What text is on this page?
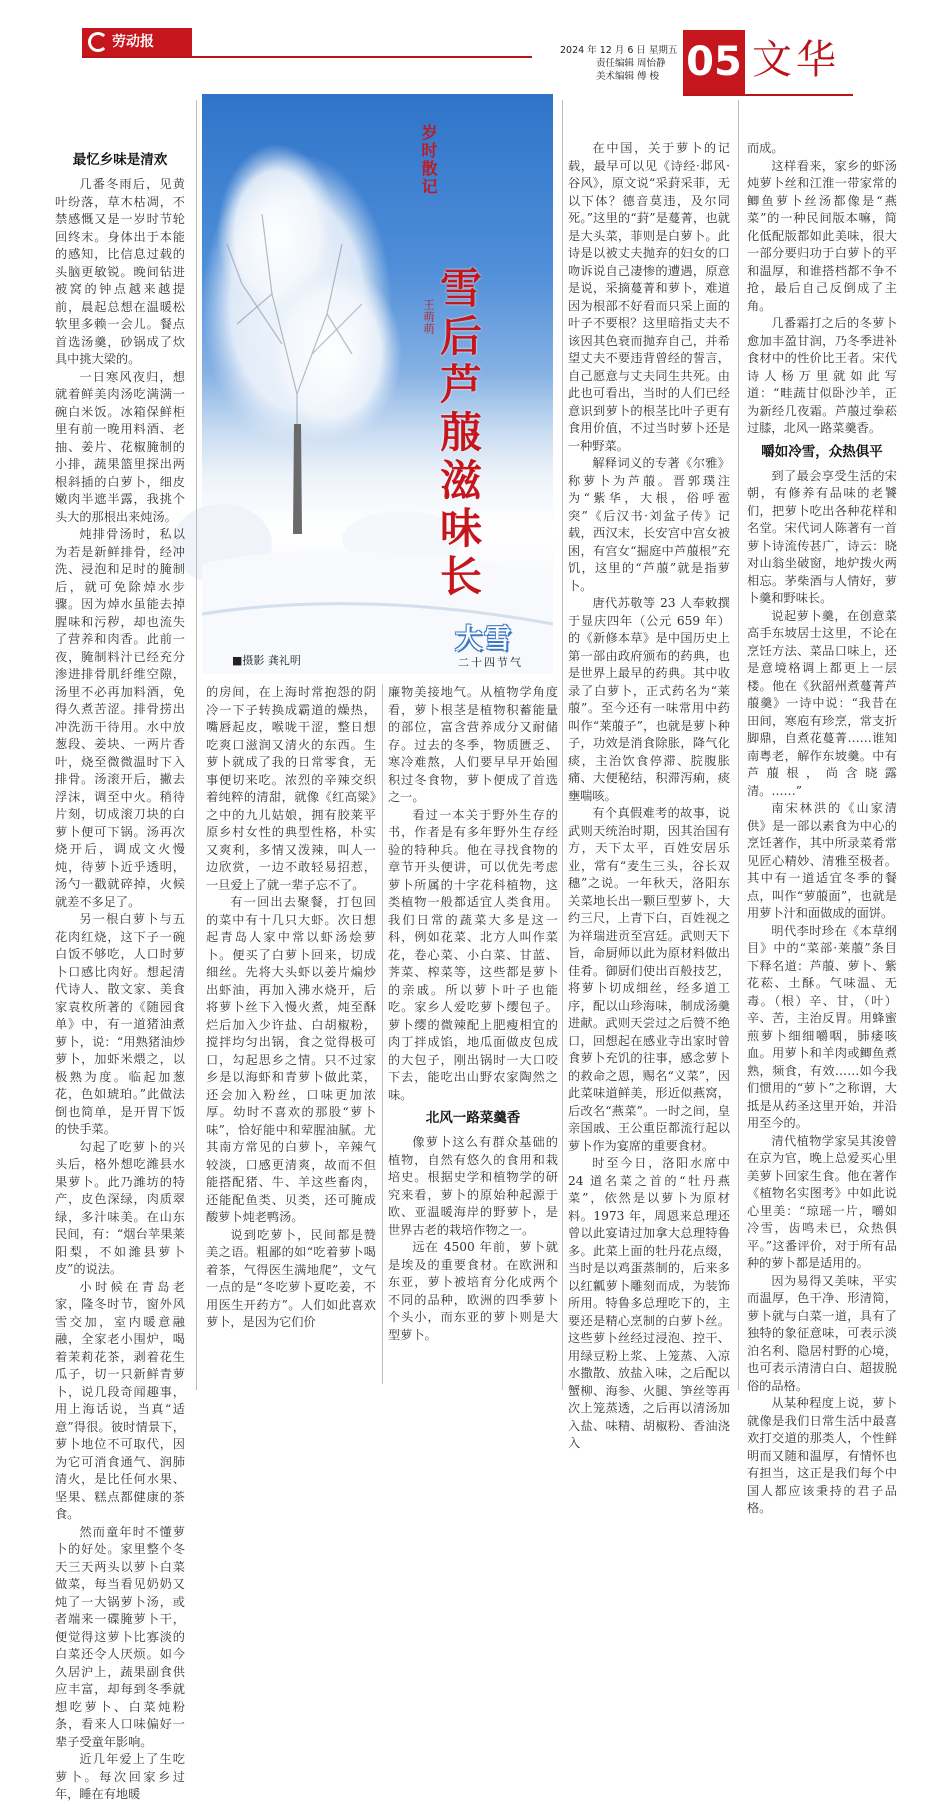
劳动报
2024 年 12 月 6 日 星期五
责任编辑 周怡静
美术编辑 傅 梭 05 文华
岁时散记
王萌萌 雪后芦菔滋味长
大雪
二十四节气
■摄影 龚礼明
最忆乡味是清欢

几番冬雨后，见黄叶纷落，草木枯凋，不禁感慨又是一岁时节轮回终末。身体出于本能的感知，比信息过载的头脑更敏锐。晚间钻进被窝的钟点越来越提前，晨起总想在温暖松软里多赖一会儿。餐点首选汤羹，砂锅成了炊具中挑大梁的。

一日寒风夜归，想就着鲜美肉汤吃满满一碗白米饭。冰箱保鲜柜里有前一晚用料酒、老抽、姜片、花椒腌制的小排，蔬果篮里探出两根斜插的白萝卜，细皮嫩肉半遮半露，我挑个头大的那根出来炖汤。

炖排骨汤时，私以为若是新鲜排骨，经冲洗、浸泡和足时的腌制后，就可免除焯水步骤。因为焯水虽能去掉腥味和污秽，却也流失了营养和肉香。此前一夜，腌制料汁已经充分渗进排骨肌纤维空隙，汤里不必再加料酒，免得久煮苦涩。排骨捞出冲洗沥干待用。水中放葱段、姜块、一两片香叶，烧至微微温时下入排骨。汤滚开后，撇去浮沫，调至中火。稍待片刻，切成滚刀块的白萝卜便可下锅。汤再次烧开后，调成文火慢炖，待萝卜近乎透明，汤勺一戳就碎掉，火候就差不多足了。

另一根白萝卜与五花肉红烧，这下子一碗白饭不够吃，人口时萝卜口感比肉好。想起清代诗人、散文家、美食家袁枚所著的《随园食单》中，有一道猪油煮萝卜，说：“用熟猪油炒萝卜，加虾米煨之，以极熟为度。临起加葱花，色如琥珀。”此做法倒也简单，是开胃下饭的快手菜。

勾起了吃萝卜的兴头后，格外想吃潍县水果萝卜。此乃潍坊的特产，皮色深绿，肉质翠绿，多汁味美。在山东民间，有：“烟台苹果莱阳梨，不如潍县萝卜皮”的说法。

小时候在青岛老家，隆冬时节，窗外风雪交加，室内暖意融融，全家老小围炉，喝着茉莉花茶，剥着花生瓜子，切一只新鲜青萝卜，说几段奇闻趣事，用上海话说，当真“适意”得很。彼时情景下，萝卜地位不可取代，因为它可消食通气、润肺清火，是比任何水果、坚果、糕点都健康的茶食。

然而童年时不懂萝卜的好处。家里整个冬天三天两头以萝卜白菜做菜，每当看见奶奶又炖了一大锅萝卜汤，或者端来一碟腌萝卜干，便觉得这萝卜比寡淡的白菜还令人厌烦。如今久居沪上，蔬果副食供应丰富，却每到冬季就想吃萝卜、白菜炖粉条，看来人口味偏好一辈子受童年影响。

近几年爱上了生吃萝卜。每次回家乡过年，睡在有地暖

的房间，在上海时常抱怨的阴冷一下子转换成霸道的燥热，嘴唇起皮，喉咙干涩，整日想吃爽口滋润又清火的东西。生萝卜就成了我的日常零食，无事便切来吃。浓烈的辛辣交织着纯粹的清甜，就像《红高粱》之中的九儿姑娘，拥有胶莱平原乡村女性的典型性格，朴实又爽利，多情又泼辣，叫人一边欣赏，一边不敢轻易招惹，一旦爱上了就一辈子忘不了。

有一回出去聚餐，打包回的菜中有十几只大虾。次日想起青岛人家中常以虾汤烩萝卜。便买了白萝卜回来，切成细丝。先将大头虾以姜片煸炒出虾油，再加入沸水烧开，后将萝卜丝下入慢火煮，炖至酥烂后加入少许盐、白胡椒粉，搅拌均匀出锅，食之觉得极可口，勾起思乡之情。只不过家乡是以海虾和青萝卜做此菜，还会加入粉丝，口味更加浓厚。幼时不喜欢的那股“萝卜味”，恰好能中和荤腥油腻。尤其南方常见的白萝卜，辛辣气较淡，口感更清爽，故而不但能搭配猪、牛、羊这些畜肉，还能配鱼类、贝类，还可腌成酸萝卜炖老鸭汤。

说到吃萝卜，民间都是赞美之语。粗鄙的如“吃着萝卜喝着茶，气得医生满地爬”，文气一点的是“冬吃萝卜夏吃姜，不用医生开药方”。人们如此喜欢萝卜，是因为它们价

廉物美接地气。从植物学角度看，萝卜根茎是植物积蓄能量的部位，富含营养成分又耐储存。过去的冬季，物质匮乏、寒冷难熬，人们要早早开始囤积过冬食物，萝卜便成了首选之一。

看过一本关于野外生存的书，作者是有多年野外生存经验的特种兵。他在寻找食物的章节开头便讲，可以优先考虑萝卜所属的十字花科植物，这类植物一般都适宜人类食用。我们日常的蔬菜大多是这一科，例如花菜、北方人叫作菜花，卷心菜、小白菜、甘蓝、荠菜、榨菜等，这些都是萝卜的亲戚。所以萝卜叶子也能吃。家乡人爱吃萝卜缨包子。萝卜缨的微辣配上肥瘦相宜的肉丁拌成馅，地瓜面做皮包成的大包子，刚出锅时一大口咬下去，能吃出山野农家陶然之味。

北风一路菜羹香

像萝卜这么有群众基础的植物，自然有悠久的食用和栽培史。根据史学和植物学的研究来看，萝卜的原始种起源于欧、亚温暖海岸的野萝卜，是世界古老的栽培作物之一。

远在 4500 年前，萝卜就是埃及的重要食材。在欧洲和东亚，萝卜被培育分化成两个不同的品种，欧洲的四季萝卜个头小，而东亚的萝卜则是大型萝卜。

在中国，关于萝卜的记载，最早可以见《诗经·邶风·谷风》，原文说“采葑采菲，无以下体？德音莫违，及尔同死。”这里的“葑”是蔓菁，也就是大头菜，菲则是白萝卜。此诗是以被丈夫抛弃的妇女的口吻诉说自己凄惨的遭遇，原意是说，采摘蔓菁和萝卜，难道因为根部不好看而只采上面的叶子不要根？这里暗指丈夫不该因其色衰而抛弃自己，并希望丈夫不要违背曾经的誓言，自己愿意与丈夫同生共死。由此也可看出，当时的人们已经意识到萝卜的根茎比叶子更有食用价值，不过当时萝卜还是一种野菜。

解释词义的专著《尔雅》称萝卜为芦菔。晋郭璞注为“紫华，大根，俗呼雹突”《后汉书·刘盆子传》记载，西汉末，长安宫中宫女被困，有宫女“掘庭中芦菔根”充饥，这里的“芦菔”就是指萝卜。

唐代苏敬等 23 人奉敕撰于显庆四年（公元 659 年）的《新修本草》是中国历史上第一部由政府颁布的药典，也是世界上最早的药典。其中收录了白萝卜，正式药名为“莱菔”。至今还有一味常用中药叫作“莱菔子”，也就是萝卜种子，功效是消食除胀，降气化痰，主治饮食停滞、脘腹胀痛、大便秘结，积滞泻痢，痰壅喘咳。

有个真假难考的故事，说武则天统治时期，因其治国有方，天下太平，百姓安居乐业，常有“麦生三头，谷长双穗”之说。一年秋天，洛阳东关菜地长出一颗巨型萝卜，大约三尺，上青下白，百姓视之为祥瑞进贡至宫廷。武则天下旨，命厨师以此为原材料做出佳肴。御厨们使出百般技艺，将萝卜切成细丝，经多道工序，配以山珍海味，制成汤羹进献。武则天尝过之后赞不绝口，回想起在感业寺出家时曾食萝卜充饥的往事，感念萝卜的救命之恩，赐名“义菜”，因此菜味道鲜美，形近似燕窝，后改名“燕菜”。一时之间，皇亲国戚、王公重臣都流行起以萝卜作为宴席的重要食材。

时至今日，洛阳水席中 24 道名菜之首的“牡丹燕菜”，依然是以萝卜为原材料。1973 年，周恩来总理还曾以此宴请过加拿大总理特鲁多。此菜上面的牡丹花点缀，当时是以鸡蛋蒸制的，后来多以红瓤萝卜雕刻而成，为装饰所用。特鲁多总理吃下的，主要还是精心烹制的白萝卜丝。这些萝卜丝经过浸泡、控干、用绿豆粉上浆、上笼蒸、入凉水撒散、放盐入味，之后配以蟹柳、海参、火腿、笋丝等再次上笼蒸透，之后再以清汤加入盐、味精、胡椒粉、香油浇入

而成。

这样看来，家乡的虾汤炖萝卜丝和江淮一带家常的鲫鱼萝卜丝汤都像是“燕菜”的一种民间版本嘛，简化低配版都如此美味，很大一部分要归功于白萝卜的平和温厚，和谁搭档都不争不抢，最后自己反倒成了主角。

几番霜打之后的冬萝卜愈加丰盈甘润，乃冬季进补食材中的性价比王者。宋代诗人杨万里就如此写道：“畦蔬甘似卧沙羊，正为新经几夜霜。芦菔过拳菘过膝，北风一路菜羹香。

嚼如冷雪，众热俱平

到了最会享受生活的宋朝，有修养有品味的老饕们，把萝卜吃出各种花样和名堂。宋代词人陈著有一首萝卜诗流传甚广，诗云：晓对山翁坐破窗，地炉拨火两相忘。茅柴酒与人情好，萝卜羹和野味长。

说起萝卜羹，在创意菜高手东坡居士这里，不论在烹饪方法、菜品口味上，还是意境格调上都更上一层楼。他在《狄韶州煮蔓菁芦菔羹》一诗中说：“我昔在田间，寒庖有珍烹，常支折脚鼎，自煮花蔓菁……谁知南粤老，解作东坡羹。中有芦菔根，尚含晓露清。……”

南宋林洪的《山家清供》是一部以素食为中心的烹饪著作，其中所录菜肴常见匠心精妙、清雅至极者。其中有一道适宜冬季的餐点，叫作“萝菔面”，也就是用萝卜汁和面做成的面饼。

明代李时珍在《本草纲目》中的“菜部·莱菔”条目下释名道：芦菔、萝卜、紫花菘、土酥。气味温、无毒。（根）辛、甘，（叶）辛、苦，主治反胃。用蜂蜜煎萝卜细细嚼咽，肺痿咳血。用萝卜和羊肉或鲫鱼煮熟，频食，有效……如今我们惯用的“萝卜”之称谓，大抵是从药圣这里开始，并沿用至今的。

清代植物学家吴其浚曾在京为官，晚上总爱买心里美萝卜回家生食。他在著作《植物名实图考》中如此说心里美：“琼瑶一片，嚼如冷雪，齿鸣未已，众热俱平。”这番评价，对于所有品种的萝卜都是适用的。

因为易得又美味，平实而温厚，色干净、形清简，萝卜就与白菜一道，具有了独特的象征意味，可表示淡泊名利、隐居村野的心境，也可表示清清白白、超拔脱俗的品格。

从某种程度上说，萝卜就像是我们日常生活中最喜欢打交道的那类人，个性鲜明而又随和温厚，有情怀也有担当，这正是我们每个中国人都应该秉持的君子品格。
